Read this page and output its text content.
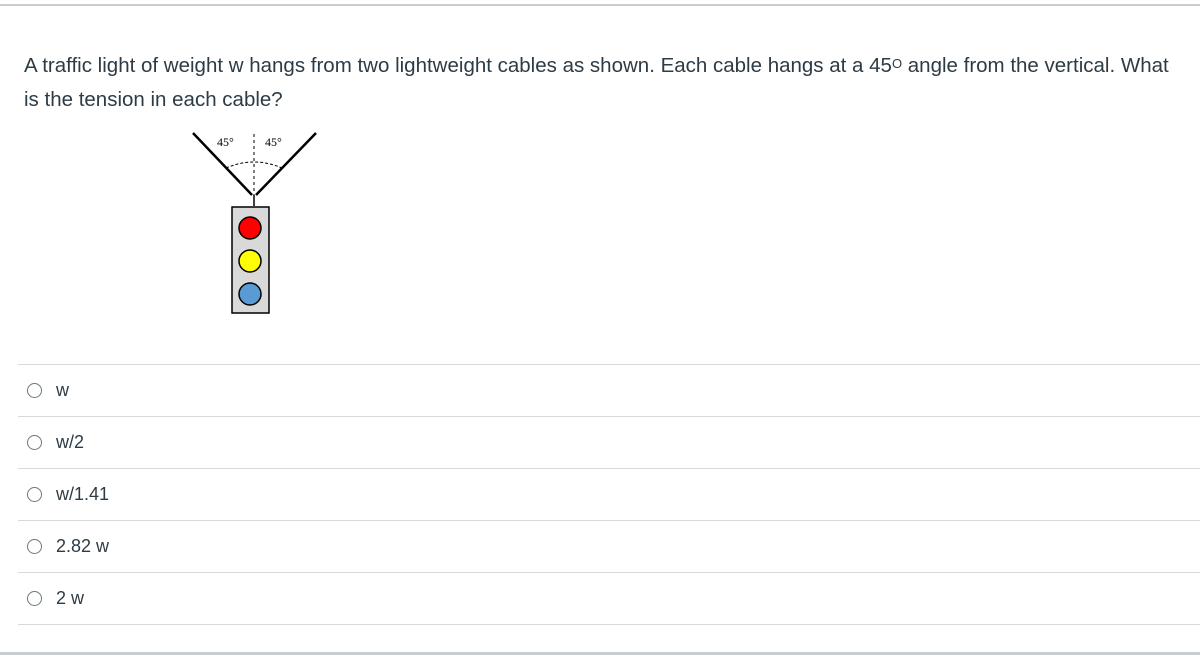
A traffic light of weight w hangs from two lightweight cables as shown. Each cable hangs at a $45^O$ angle from the vertical. What is the tension in each cable?
45°	45°
w
w/2
w/1.41
2.82 w
2 w
